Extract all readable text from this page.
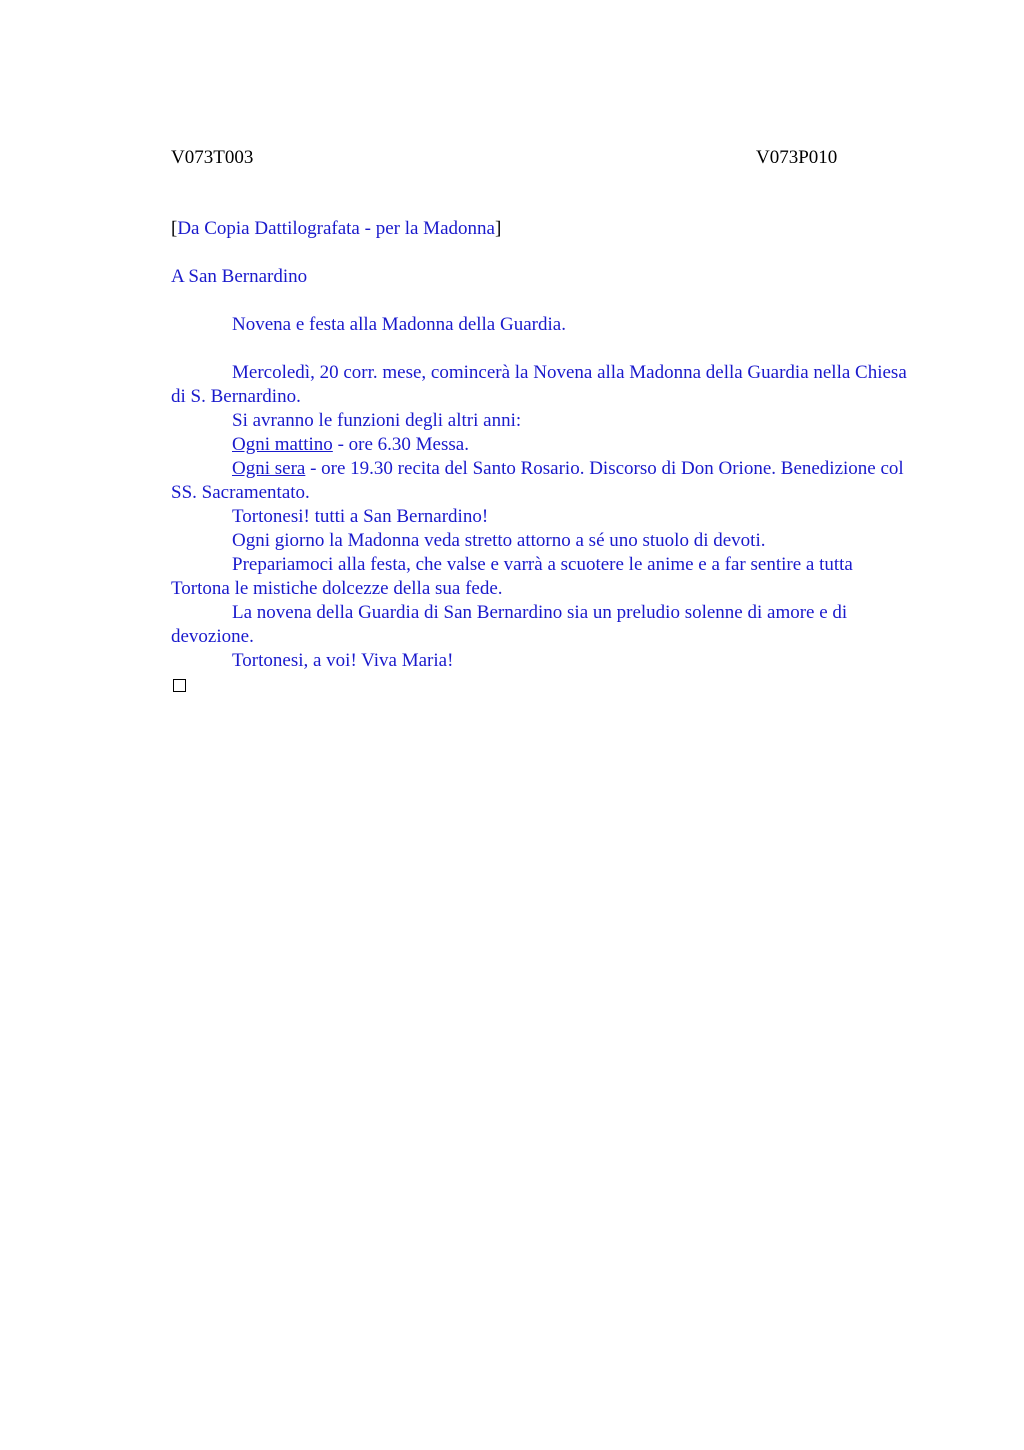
V073T003	V073P010

[Da Copia Dattilografata - per la Madonna]

A San Bernardino

Novena e festa alla Madonna della Guardia.

Mercoledì, 20 corr. mese, comincerà la Novena alla Madonna della Guardia nella Chiesa di S. Bernardino.

Si avranno le funzioni degli altri anni:

Ogni mattino - ore 6.30 Messa.

Ogni sera - ore 19.30 recita del Santo Rosario. Discorso di Don Orione. Benedizione col SS. Sacramentato.

Tortonesi! tutti a San Bernardino!

Ogni giorno la Madonna veda stretto attorno a sé uno stuolo di devoti.

Prepariamoci alla festa, che valse e varrà a scuotere le anime e a far sentire a tutta Tortona le mistiche dolcezze della sua fede.

La novena della Guardia di San Bernardino sia un preludio solenne di amore e di devozione.

Tortonesi, a voi! Viva Maria!
